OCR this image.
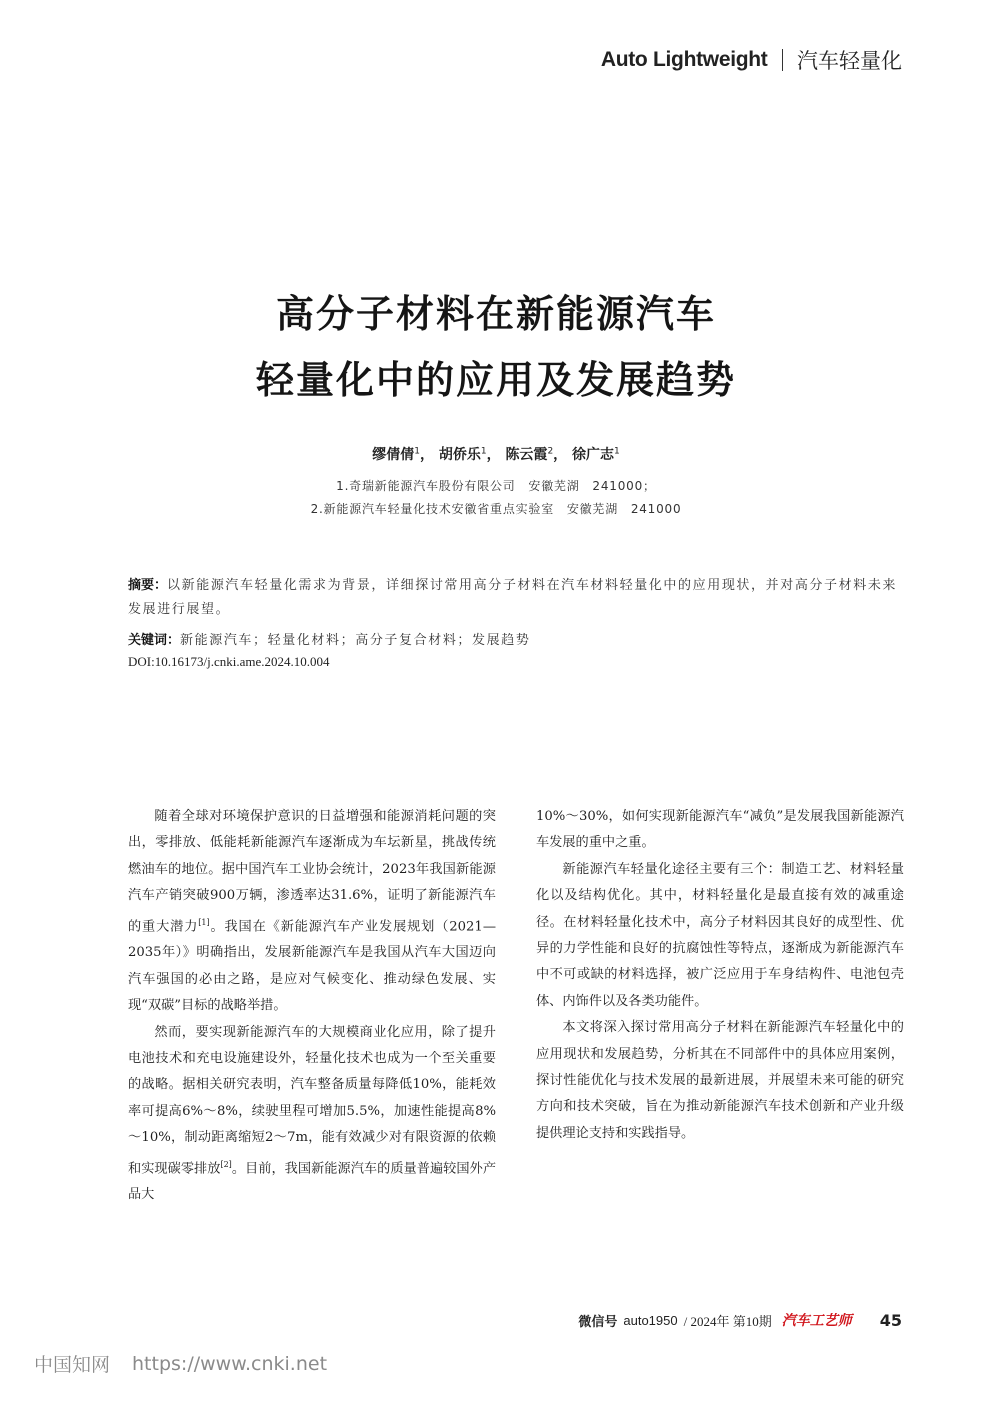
Auto Lightweight 汽车轻量化
高分子材料在新能源汽车
轻量化中的应用及发展趋势
缪倩倩$^1$， 胡侨乐$^1$， 陈云霞$^2$， 徐广志$^1$
1.奇瑞新能源汽车股份有限公司　安徽芜湖　241000；
2.新能源汽车轻量化技术安徽省重点实验室　安徽芜湖　241000
摘要：以新能源汽车轻量化需求为背景，详细探讨常用高分子材料在汽车材料轻量化中的应用现状，并对高分子材料未来发展进行展望。
关键词：新能源汽车；轻量化材料；高分子复合材料；发展趋势
DOI:10.16173/j.cnki.ame.2024.10.004

随着全球对环境保护意识的日益增强和能源消耗问题的突出，零排放、低能耗新能源汽车逐渐成为车坛新星，挑战传统燃油车的地位。据中国汽车工业协会统计，2023年我国新能源汽车产销突破900万辆，渗透率达31.6%，证明了新能源汽车的重大潜力[1]。我国在《新能源汽车产业发展规划（2021—2035年）》明确指出，发展新能源汽车是我国从汽车大国迈向汽车强国的必由之路，是应对气候变化、推动绿色发展、实现“双碳”目标的战略举措。

然而，要实现新能源汽车的大规模商业化应用，除了提升电池技术和充电设施建设外，轻量化技术也成为一个至关重要的战略。据相关研究表明，汽车整备质量每降低10%，能耗效率可提高6%～8%，续驶里程可增加5.5%，加速性能提高8%～10%，制动距离缩短2～7m，能有效减少对有限资源的依赖和实现碳零排放[2]。目前，我国新能源汽车的质量普遍较国外产品大

10%～30%，如何实现新能源汽车“减负”是发展我国新能源汽车发展的重中之重。

新能源汽车轻量化途径主要有三个：制造工艺、材料轻量化以及结构优化。其中，材料轻量化是最直接有效的减重途径。在材料轻量化技术中，高分子材料因其良好的成型性、优异的力学性能和良好的抗腐蚀性等特点，逐渐成为新能源汽车中不可或缺的材料选择，被广泛应用于车身结构件、电池包壳体、内饰件以及各类功能件。

本文将深入探讨常用高分子材料在新能源汽车轻量化中的应用现状和发展趋势，分析其在不同部件中的具体应用案例，探讨性能优化与技术发展的最新进展，并展望未来可能的研究方向和技术突破，旨在为推动新能源汽车技术创新和产业升级提供理论支持和实践指导。

微信号 auto1950 / 2024年 第10期 汽车工艺师 45
中国知网 https://www.cnki.net
